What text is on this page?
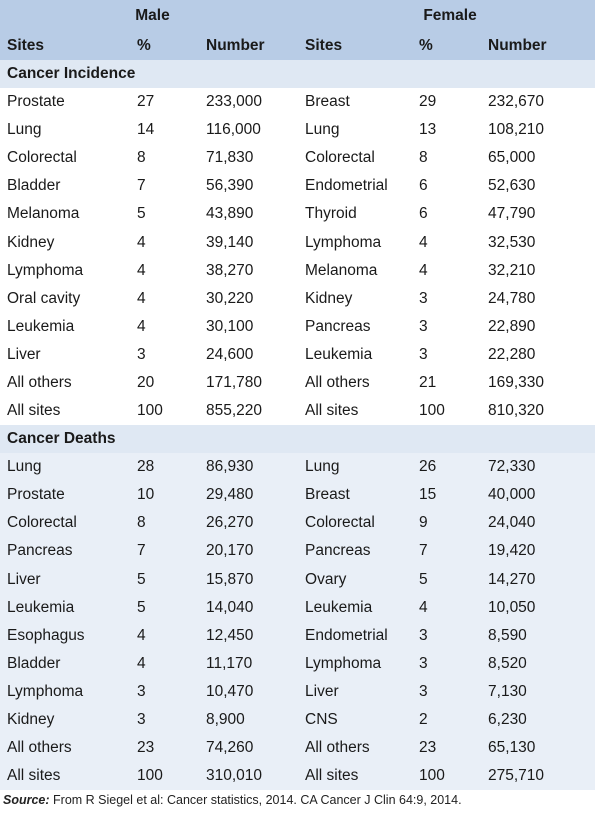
Male			Female		
Sites	%	Number	Sites	%	Number
Cancer Incidence					
Prostate	27	233,000	Breast	29	232,670
Lung	14	116,000	Lung	13	108,210
Colorectal	8	71,830	Colorectal	8	65,000
Bladder	7	56,390	Endometrial	6	52,630
Melanoma	5	43,890	Thyroid	6	47,790
Kidney	4	39,140	Lymphoma	4	32,530
Lymphoma	4	38,270	Melanoma	4	32,210
Oral cavity	4	30,220	Kidney	3	24,780
Leukemia	4	30,100	Pancreas	3	22,890
Liver	3	24,600	Leukemia	3	22,280
All others	20	171,780	All others	21	169,330
All sites	100	855,220	All sites	100	810,320
Cancer Deaths					
Lung	28	86,930	Lung	26	72,330
Prostate	10	29,480	Breast	15	40,000
Colorectal	8	26,270	Colorectal	9	24,040
Pancreas	7	20,170	Pancreas	7	19,420
Liver	5	15,870	Ovary	5	14,270
Leukemia	5	14,040	Leukemia	4	10,050
Esophagus	4	12,450	Endometrial	3	8,590
Bladder	4	11,170	Lymphoma	3	8,520
Lymphoma	3	10,470	Liver	3	7,130
Kidney	3	8,900	CNS	2	6,230
All others	23	74,260	All others	23	65,130
All sites	100	310,010	All sites	100	275,710
Source: From R Siegel et al: Cancer statistics, 2014. CA Cancer J Clin 64:9, 2014.
